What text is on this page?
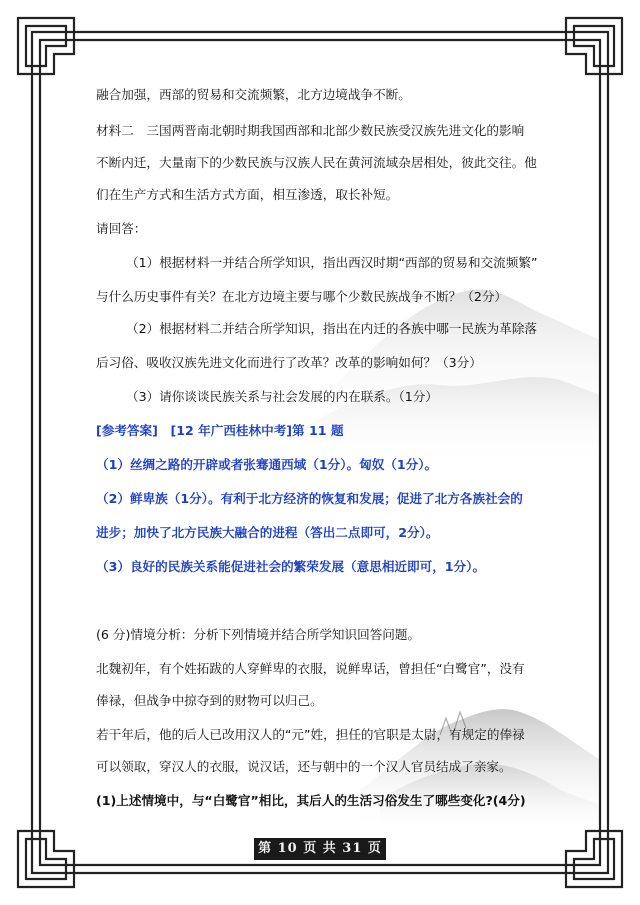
融合加强，西部的贸易和交流频繁，北方边境战争不断。
材料二　三国两晋南北朝时期我国西部和北部少数民族受汉族先进文化的影响
不断内迁，大量南下的少数民族与汉族人民在黄河流域杂居相处，彼此交往。他
们在生产方式和生活方式方面，相互渗透，取长补短。
请回答：
（1）根据材料一并结合所学知识，指出西汉时期“西部的贸易和交流频繁”
与什么历史事件有关？在北方边境主要与哪个少数民族战争不断？（2分）
（2）根据材料二并结合所学知识，指出在内迁的各族中哪一民族为革除落
后习俗、吸收汉族先进文化而进行了改革？改革的影响如何？（3分）
（3）请你谈谈民族关系与社会发展的内在联系。（1分）
[参考答案]　[12 年广西桂林中考]第 11 题
（1）丝绸之路的开辟或者张骞通西域（1分）。匈奴（1分）。
（2）鲜卑族（1分）。有利于北方经济的恢复和发展；促进了北方各族社会的
进步；加快了北方民族大融合的进程（答出二点即可，2分）。
（3）良好的民族关系能促进社会的繁荣发展（意思相近即可，1分）。
(6 分)情境分析：分析下列情境并结合所学知识回答问题。
北魏初年，有个姓拓跋的人穿鲜卑的衣服，说鲜卑话，曾担任“白鹭官”，没有
俸禄，但战争中掠夺到的财物可以归己。
若干年后，他的后人已改用汉人的“元”姓，担任的官职是太尉，有规定的俸禄
可以领取，穿汉人的衣服，说汉话，还与朝中的一个汉人官员结成了亲家。
(1)上述情境中，与“白鹭官”相比，其后人的生活习俗发生了哪些变化?(4分)
第 10 页 共 31 页
